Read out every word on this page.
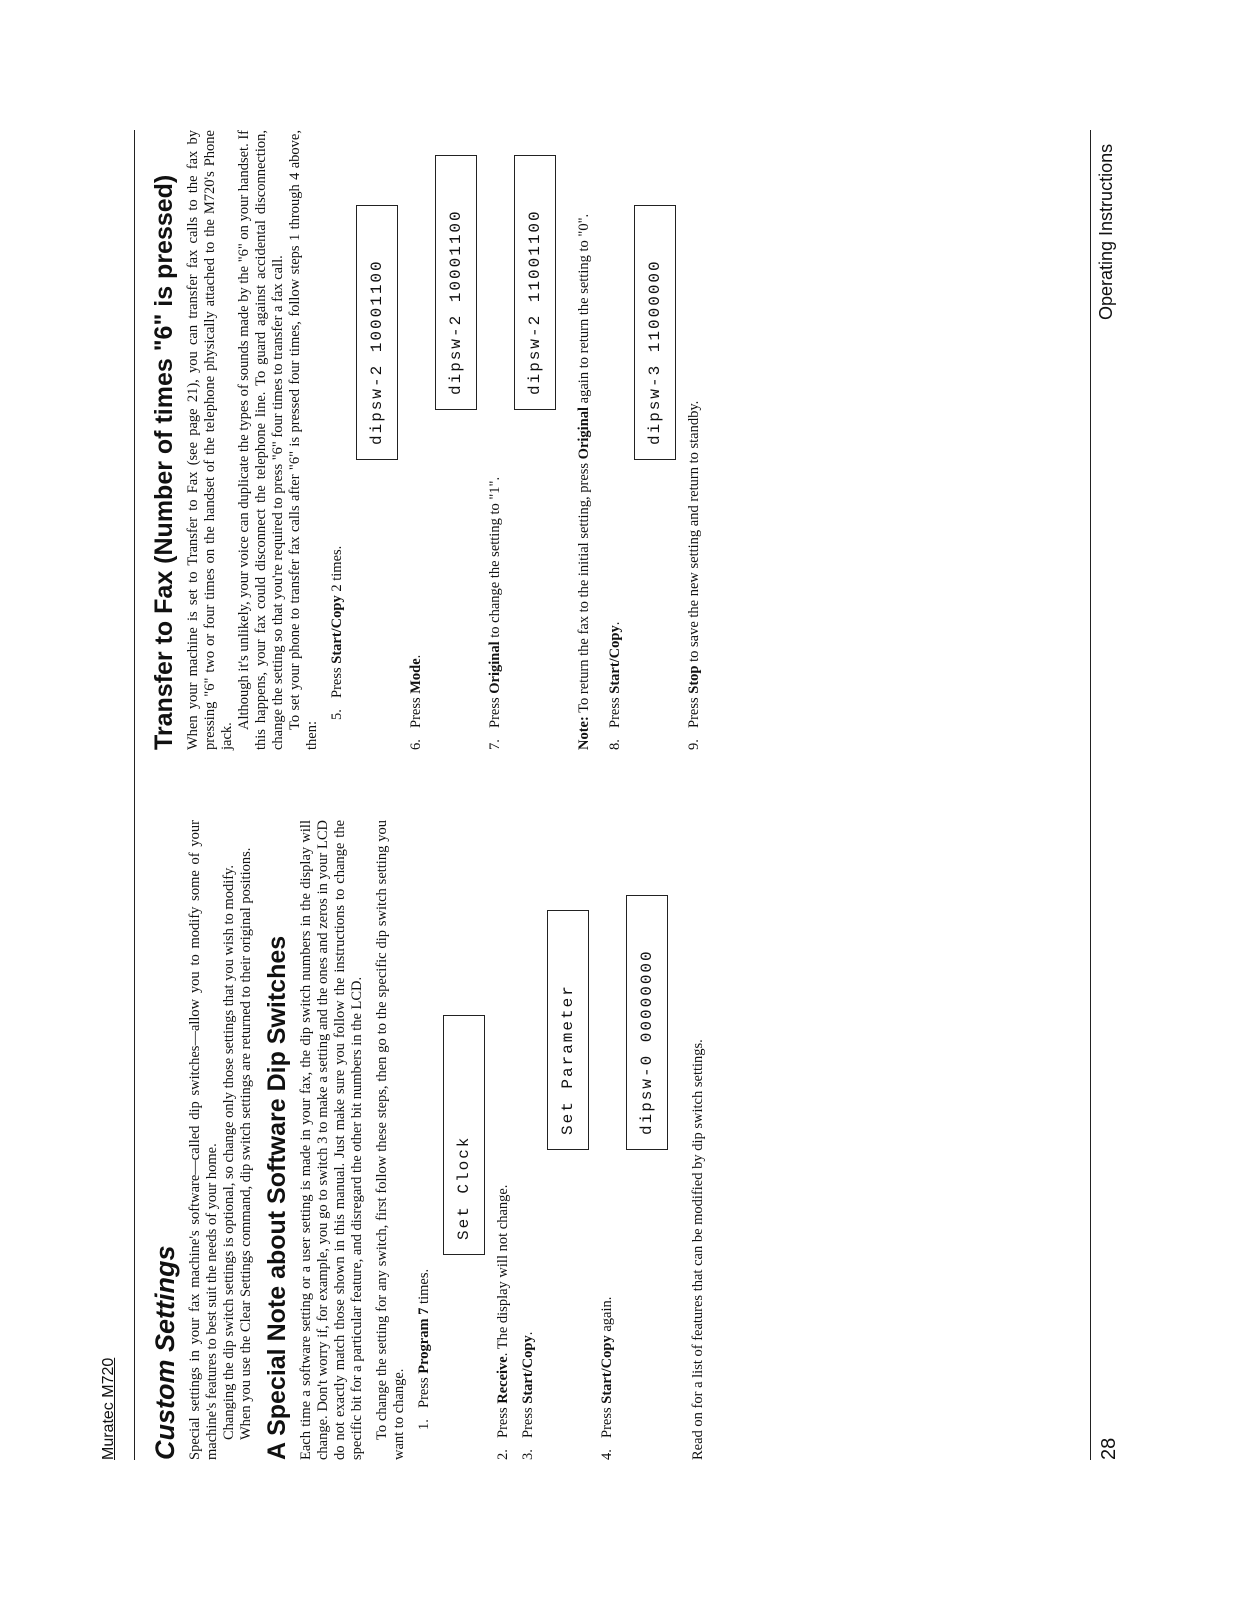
Muratec M720 Custom Settings Special settings in your fax machine's software—called dip switches—allow you to modify some of your machine's features to best suit the needs of your home. Changing the dip switch settings is optional, so change only those settings that you wish to modify. When you use the Clear Settings command, dip switch settings are returned to their original positions. A Special Note about Software Dip Switches Each time a software setting or a user setting is made in your fax, the dip switch numbers in the display will change. Don't worry if, for example, you go to switch 3 to make a setting and the ones and zeros in your LCD do not exactly match those shown in this manual. Just make sure you follow the instructions to change the specific bit for a particular feature, and disregard the other bit numbers in the LCD. To change the setting for any switch, first follow these steps, then go to the specific dip switch setting you want to change. 1.
Press Program 7 times.
Set Clock
2.
Press Receive. The display will not change.
3.
Press Start/Copy.
Set Parameter
4.
Press Start/Copy again.
dipsw-0 00000000	Read on for a list of features that can be modified by dip switch settings.

Transfer to Fax (Number of times "6" is pressed) When your machine is set to Transfer to Fax (see page 21), you can transfer fax calls to the fax by pressing "6" two or four times on the handset of the telephone physically attached to the M720's Phone jack.

Although it's unlikely, your voice can duplicate the types of sounds made by the "6" on your handset. If this happens, your fax could disconnect the telephone line. To guard against accidental disconnection, change the setting so that you're required to press "6" four times to transfer a fax call. To set your phone to transfer fax calls after "6" is pressed four times, follow steps 1 through 4 above, then:

5.
Press Start/Copy 2 times.
dipsw-2 10001100
6.
Press Mode.
dipsw-2 10001100
7.
Press Original to change the setting to "1".
dipsw-2 11001100

Note: To return the fax to the initial setting, press Original again to return the setting to "0".

8.
Press Start/Copy.
dipsw-3 11000000
9.
Press Stop to save the new setting and return to standby.
28
Operating Instructions
